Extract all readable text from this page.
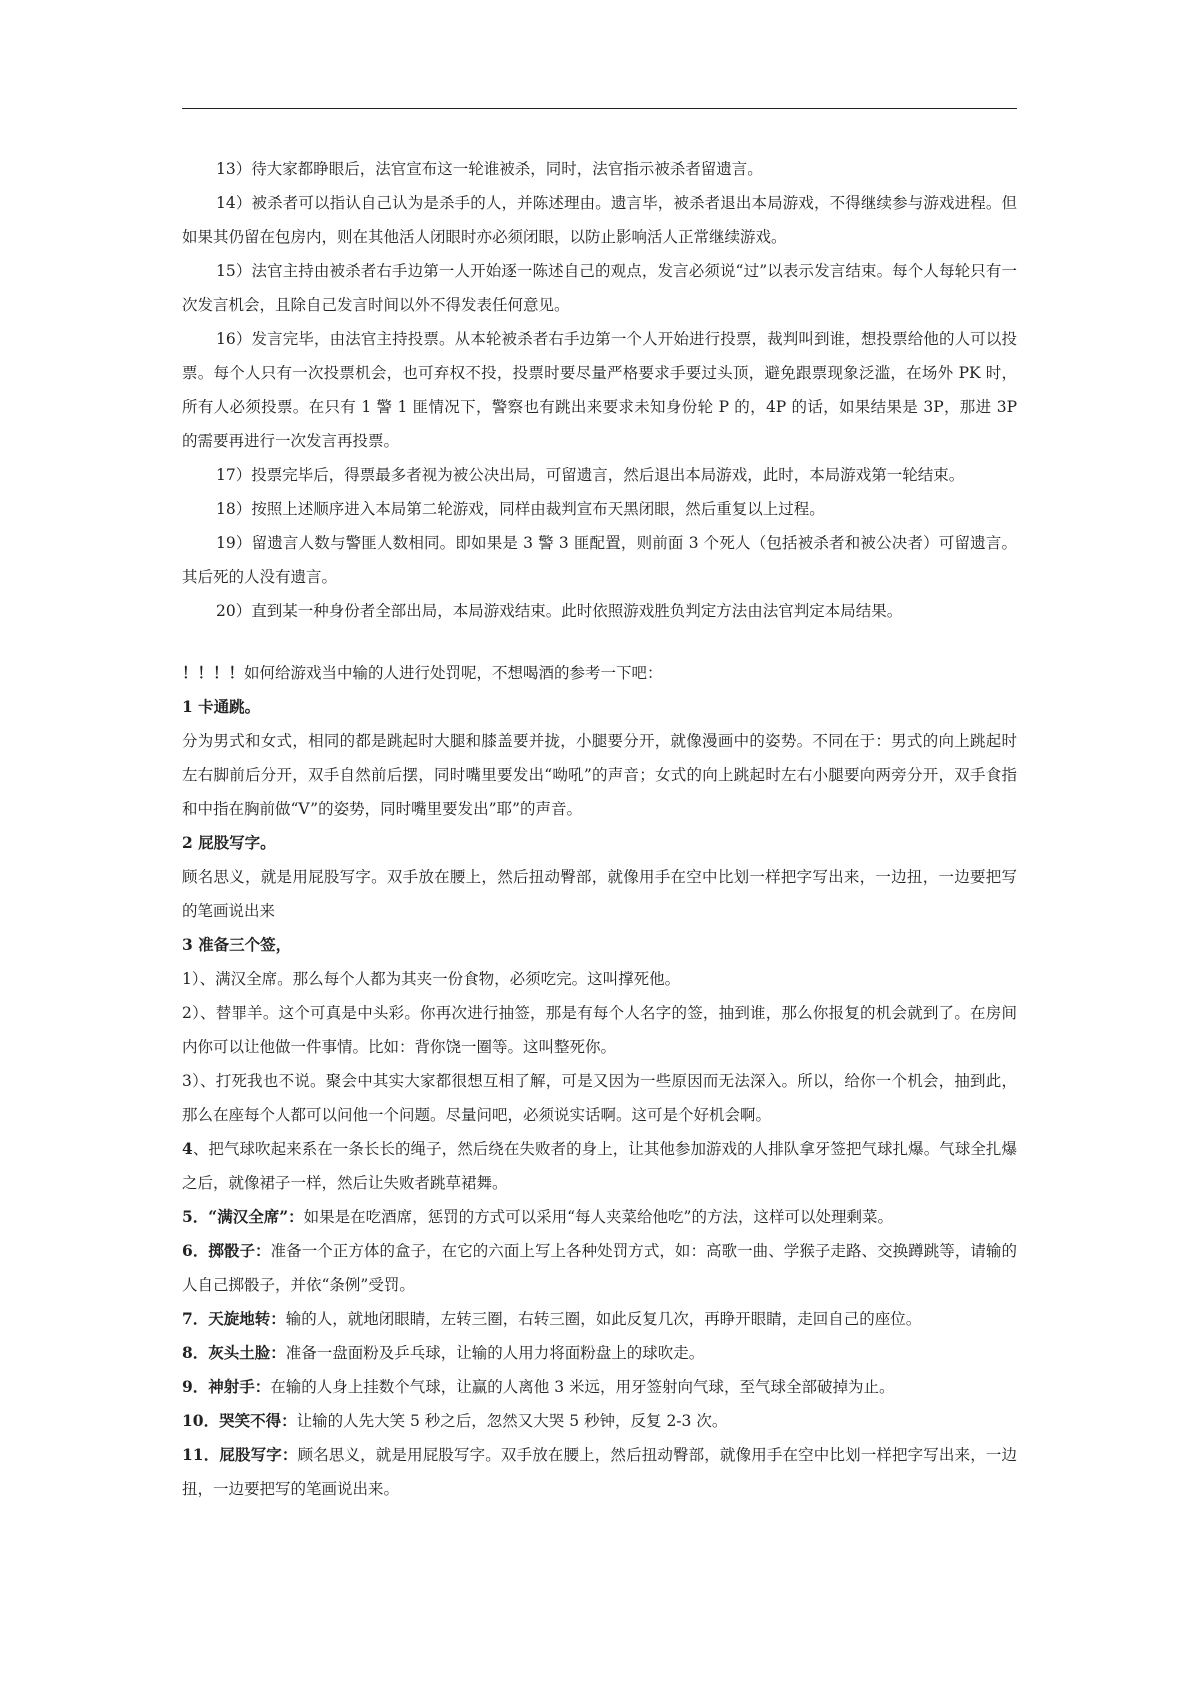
13）待大家都睁眼后，法官宣布这一轮谁被杀，同时，法官指示被杀者留遗言。

14）被杀者可以指认自己认为是杀手的人，并陈述理由。遗言毕，被杀者退出本局游戏，不得继续参与游戏进程。但如果其仍留在包房内，则在其他活人闭眼时亦必须闭眼，以防止影响活人正常继续游戏。

15）法官主持由被杀者右手边第一人开始逐一陈述自己的观点，发言必须说“过”以表示发言结束。每个人每轮只有一次发言机会，且除自己发言时间以外不得发表任何意见。

16）发言完毕，由法官主持投票。从本轮被杀者右手边第一个人开始进行投票，裁判叫到谁，想投票给他的人可以投票。每个人只有一次投票机会，也可弃权不投，投票时要尽量严格要求手要过头顶，避免跟票现象泛滥，在场外 PK 时，所有人必须投票。在只有 1 警 1 匪情况下，警察也有跳出来要求未知身份轮 P 的，4P 的话，如果结果是 3P，那进 3P 的需要再进行一次发言再投票。

17）投票完毕后，得票最多者视为被公决出局，可留遗言，然后退出本局游戏，此时，本局游戏第一轮结束。

18）按照上述顺序进入本局第二轮游戏，同样由裁判宣布天黑闭眼，然后重复以上过程。

19）留遗言人数与警匪人数相同。即如果是 3 警 3 匪配置，则前面 3 个死人（包括被杀者和被公决者）可留遗言。其后死的人没有遗言。

20）直到某一种身份者全部出局，本局游戏结束。此时依照游戏胜负判定方法由法官判定本局结果。

！！！！如何给游戏当中输的人进行处罚呢，不想喝酒的参考一下吧：

1 卡通跳。

分为男式和女式，相同的都是跳起时大腿和膝盖要并拢，小腿要分开，就像漫画中的姿势。不同在于：男式的向上跳起时左右脚前后分开，双手自然前后摆，同时嘴里要发出“呦吼”的声音；女式的向上跳起时左右小腿要向两旁分开，双手食指和中指在胸前做“V”的姿势，同时嘴里要发出”耶”的声音。

2 屁股写字。

顾名思义，就是用屁股写字。双手放在腰上，然后扭动臀部，就像用手在空中比划一样把字写出来，一边扭，一边要把写的笔画说出来

3 准备三个签，

1）、满汉全席。那么每个人都为其夹一份食物，必须吃完。这叫撑死他。

2）、替罪羊。这个可真是中头彩。你再次进行抽签，那是有每个人名字的签，抽到谁，那么你报复的机会就到了。在房间内你可以让他做一件事情。比如：背你饶一圈等。这叫整死你。

3）、打死我也不说。聚会中其实大家都很想互相了解，可是又因为一些原因而无法深入。所以，给你一个机会，抽到此，那么在座每个人都可以问他一个问题。尽量问吧，必须说实话啊。这可是个好机会啊。

4、把气球吹起来系在一条长长的绳子，然后绕在失败者的身上，让其他参加游戏的人排队拿牙签把气球扎爆。气球全扎爆之后，就像裙子一样，然后让失败者跳草裙舞。

5．“满汉全席”：如果是在吃酒席，惩罚的方式可以采用“每人夹菜给他吃”的方法，这样可以处理剩菜。

6．掷骰子：准备一个正方体的盒子，在它的六面上写上各种处罚方式，如：高歌一曲、学猴子走路、交换蹲跳等，请输的人自己掷骰子，并依“条例”受罚。

7．天旋地转：输的人，就地闭眼睛，左转三圈，右转三圈，如此反复几次，再睁开眼睛，走回自己的座位。

8．灰头土脸：准备一盘面粉及乒乓球，让输的人用力将面粉盘上的球吹走。

9．神射手：在输的人身上挂数个气球，让赢的人离他 3 米远，用牙签射向气球，至气球全部破掉为止。

10．哭笑不得：让输的人先大笑 5 秒之后，忽然又大哭 5 秒钟，反复 2-3 次。

11．屁股写字：顾名思义，就是用屁股写字。双手放在腰上，然后扭动臀部，就像用手在空中比划一样把字写出来，一边扭，一边要把写的笔画说出来。
